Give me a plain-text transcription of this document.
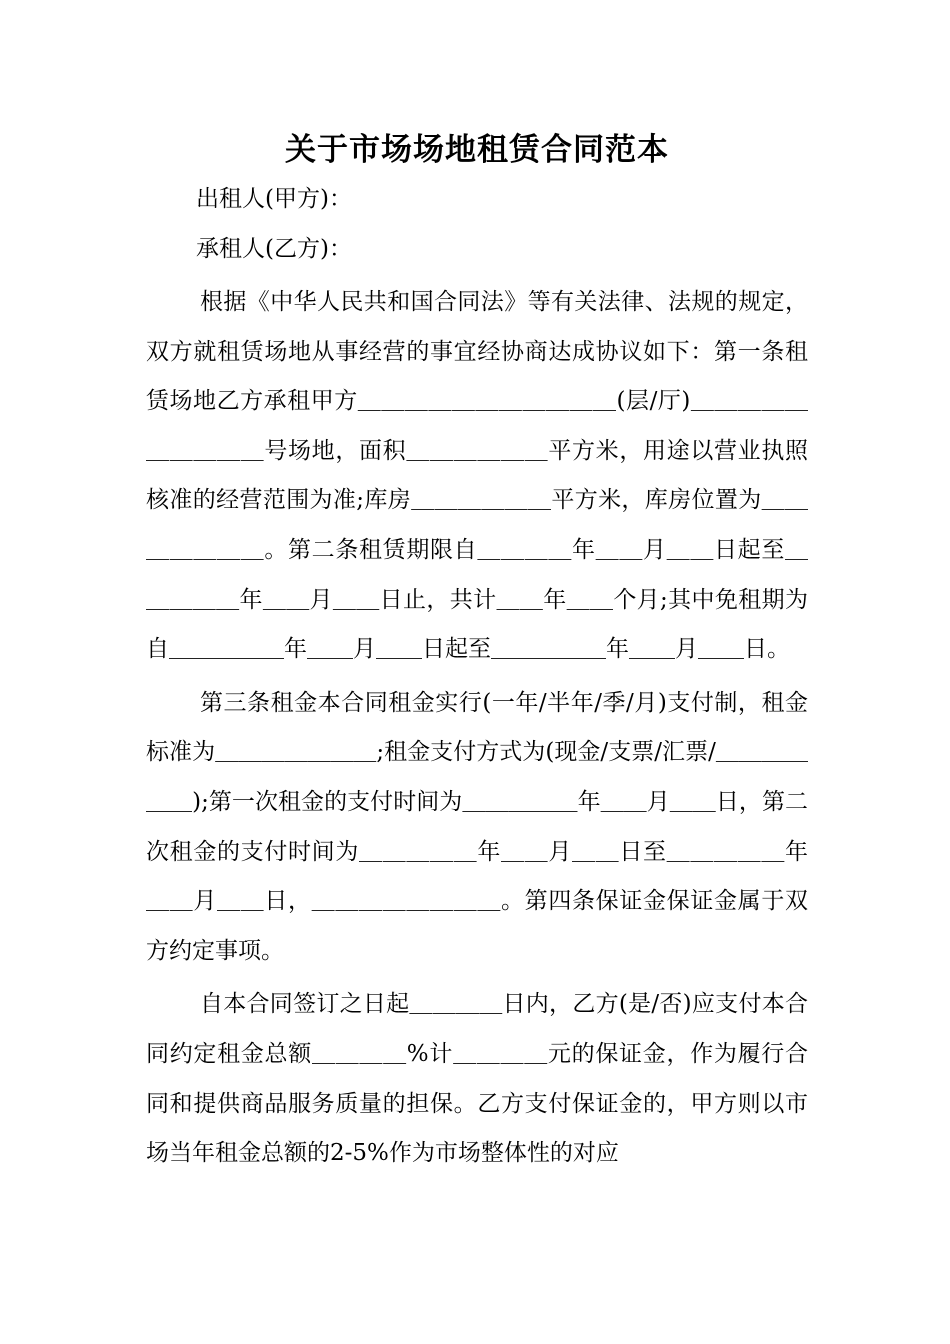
关于市场场地租赁合同范本

出租人(甲方)：

承租人(乙方)：

根据《中华人民共和国合同法》等有关法律、法规的规定，双方就租赁场地从事经营的事宜经协商达成协议如下：第一条租赁场地乙方承租甲方＿＿＿＿＿＿＿＿＿＿＿(层/厅)＿＿＿＿＿＿＿＿＿＿号场地，面积＿＿＿＿＿＿平方米，用途以营业执照核准的经营范围为准;库房＿＿＿＿＿＿平方米，库房位置为＿＿＿＿＿＿＿。第二条租赁期限自＿＿＿＿年＿＿月＿＿日起至＿＿＿＿＿年＿＿月＿＿日止，共计＿＿年＿＿个月;其中免租期为自＿＿＿＿＿年＿＿月＿＿日起至＿＿＿＿＿年＿＿月＿＿日。

第三条租金本合同租金实行(一年/半年/季/月)支付制，租金标准为＿＿＿＿＿＿＿;租金支付方式为(现金/支票/汇票/＿＿＿＿＿＿);第一次租金的支付时间为＿＿＿＿＿年＿＿月＿＿日，第二次租金的支付时间为＿＿＿＿＿年＿＿月＿＿日至＿＿＿＿＿年＿＿月＿＿日，＿＿＿＿＿＿＿＿。第四条保证金保证金属于双方约定事项。

自本合同签订之日起＿＿＿＿日内，乙方(是/否)应支付本合同约定租金总额＿＿＿＿%计＿＿＿＿元的保证金，作为履行合同和提供商品服务质量的担保。乙方支付保证金的，甲方则以市场当年租金总额的2-5%作为市场整体性的对应
